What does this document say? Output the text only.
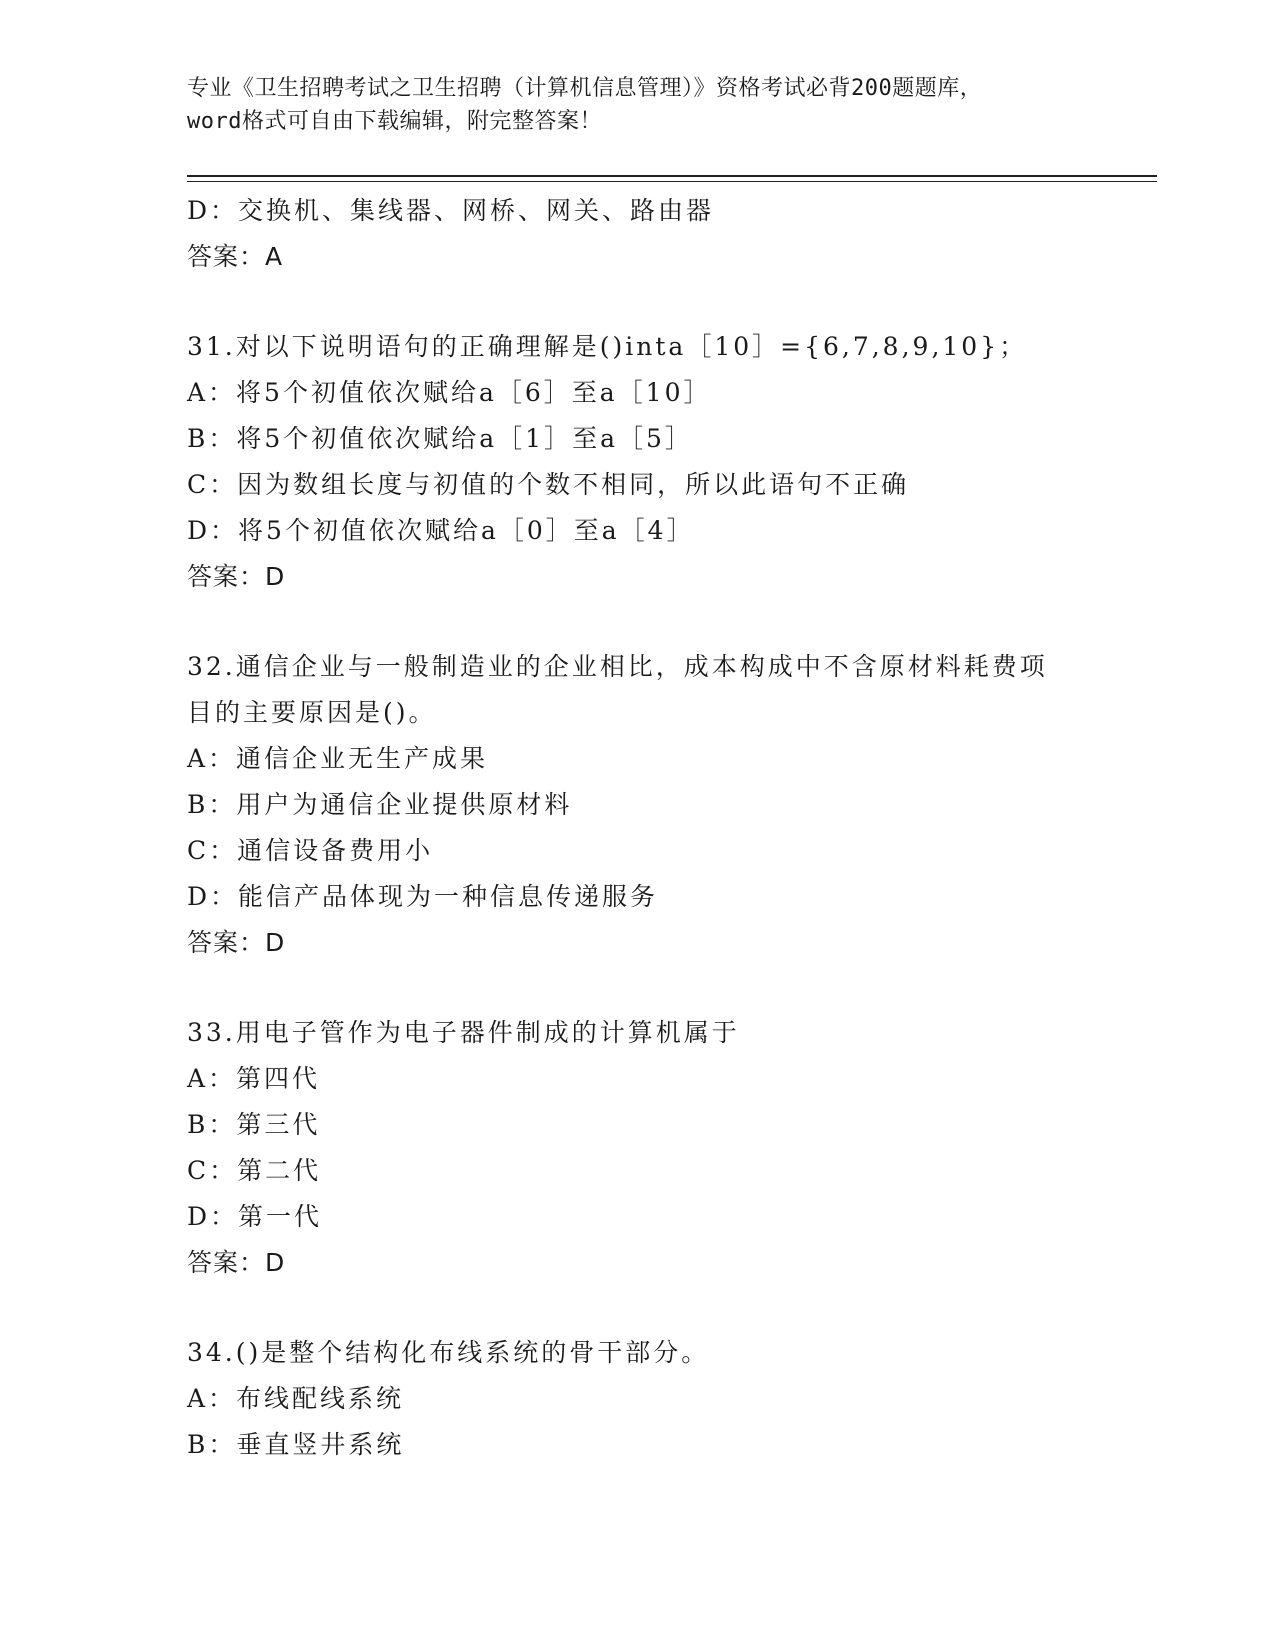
专业《卫生招聘考试之卫生招聘（计算机信息管理）》资格考试必背200题题库，
word格式可自由下载编辑，附完整答案！
D：交换机、集线器、网桥、网关、路由器
答案：A
31.对以下说明语句的正确理解是()inta［10］={6,7,8,9,10}；
A：将5个初值依次赋给a［6］至a［10］
B：将5个初值依次赋给a［1］至a［5］
C：因为数组长度与初值的个数不相同，所以此语句不正确
D：将5个初值依次赋给a［0］至a［4］
答案：D
32.通信企业与一般制造业的企业相比，成本构成中不含原材料耗费项
目的主要原因是()。
A：通信企业无生产成果
B：用户为通信企业提供原材料
C：通信设备费用小
D：能信产品体现为一种信息传递服务
答案：D
33.用电子管作为电子器件制成的计算机属于
A：第四代
B：第三代
C：第二代
D：第一代
答案：D
34.()是整个结构化布线系统的骨干部分。
A：布线配线系统
B：垂直竖井系统
